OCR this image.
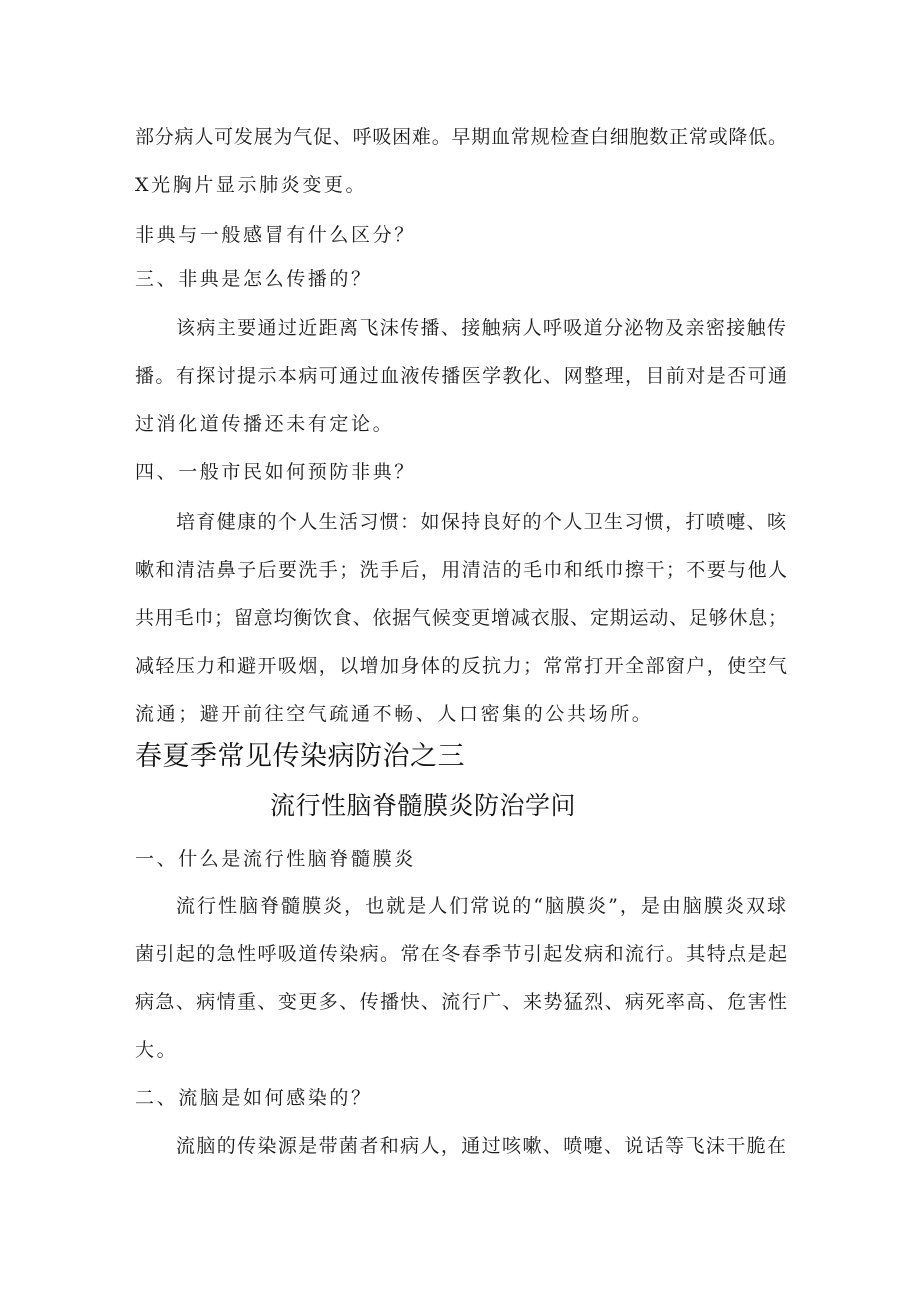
部分病人可发展为气促、呼吸困难。早期血常规检查白细胞数正常或降低。
X光胸片显示肺炎变更。
非典与一般感冒有什么区分？
三、非典是怎么传播的？
该病主要通过近距离飞沫传播、接触病人呼吸道分泌物及亲密接触传
播。有探讨提示本病可通过血液传播医学教化、网整理，目前对是否可通
过消化道传播还未有定论。
四、一般市民如何预防非典？
培育健康的个人生活习惯：如保持良好的个人卫生习惯，打喷嚏、咳
嗽和清洁鼻子后要洗手；洗手后，用清洁的毛巾和纸巾擦干；不要与他人
共用毛巾；留意均衡饮食、依据气候变更增减衣服、定期运动、足够休息；
减轻压力和避开吸烟，以增加身体的反抗力；常常打开全部窗户，使空气
流通；避开前往空气疏通不畅、人口密集的公共场所。
春夏季常见传染病防治之三
流行性脑脊髓膜炎防治学问
一、什么是流行性脑脊髓膜炎
流行性脑脊髓膜炎，也就是人们常说的“脑膜炎”，是由脑膜炎双球
菌引起的急性呼吸道传染病。常在冬春季节引起发病和流行。其特点是起
病急、病情重、变更多、传播快、流行广、来势猛烈、病死率高、危害性
大。
二、流脑是如何感染的？
流脑的传染源是带菌者和病人，通过咳嗽、喷嚏、说话等飞沫干脆在
